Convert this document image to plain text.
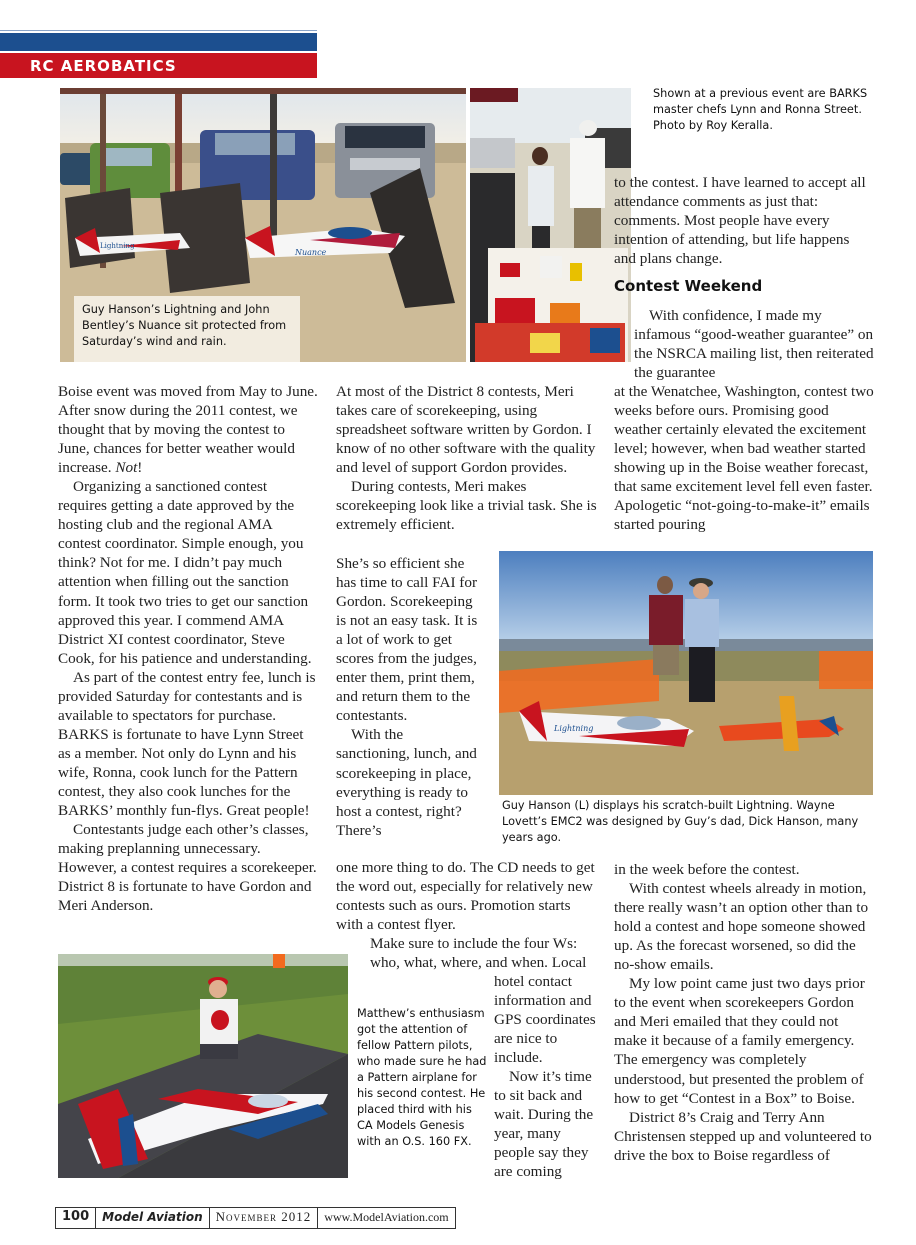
RC AEROBATICS
Lightning
Nuance
Guy Hanson’s Lightning and John Bentley’s Nuance sit protected from Saturday’s wind and rain.
Shown at a previous event are BARKS master chefs Lynn and Ronna Street. Photo by Roy Keralla.

to the contest. I have learned to accept all attendance comments as just that: comments. Most people have every intention of attending, but life happens and plans change.

Contest Weekend

With confidence, I made my infamous “good-weather guarantee” on the NSRCA mailing list, then reiterated the guarantee

at the Wenatchee, Washington, contest two weeks before ours. Promising good weather certainly elevated the excitement level; however, when bad weather started showing up in the Boise weather forecast, that same excitement level fell even faster. Apologetic “not-going-to-make-it” emails started pouring

Boise event was moved from May to June. After snow during the 2011 contest, we thought that by moving the contest to June, chances for better weather would increase. Not!

Organizing a sanctioned contest requires getting a date approved by the hosting club and the regional AMA contest coordinator. Simple enough, you think? Not for me. I didn’t pay much attention when filling out the sanction form. It took two tries to get our sanction approved this year. I commend AMA District XI contest coordinator, Steve Cook, for his patience and understanding.

As part of the contest entry fee, lunch is provided Saturday for contestants and is available to spectators for purchase. BARKS is fortunate to have Lynn Street as a member. Not only do Lynn and his wife, Ronna, cook lunch for the Pattern contest, they also cook lunches for the BARKS’ monthly fun-flys. Great people!

Contestants judge each other’s classes, making preplanning unnecessary. However, a contest requires a scorekeeper. District 8 is fortunate to have Gordon and Meri Anderson.

At most of the District 8 contests, Meri takes care of scorekeeping, using spreadsheet software written by Gordon. I know of no other software with the quality and level of support Gordon provides.

During contests, Meri makes scorekeeping look like a trivial task. She is extremely efficient.

She’s so efficient she has time to call FAI for Gordon. Scorekeeping is not an easy task. It is a lot of work to get scores from the judges, enter them, print them, and return them to the contestants.

With the sanctioning, lunch, and scorekeeping in place, everything is ready to host a contest, right? There’s

one more thing to do. The CD needs to get the word out, especially for relatively new contests such as ours. Promotion starts with a contest flyer.

Make sure to include the four Ws: who, what, where, and when. Local

hotel contact information and GPS coordinates are nice to include.

Now it’s time to sit back and wait. During the year, many people say they are coming

Lightning
Guy Hanson (L) displays his scratch-built Lightning. Wayne Lovett’s EMC2 was designed by Guy’s dad, Dick Hanson, many years ago.

in the week before the contest.

With contest wheels already in motion, there really wasn’t an option other than to hold a contest and hope someone showed up. As the forecast worsened, so did the no-show emails.

My low point came just two days prior to the event when scorekeepers Gordon and Meri emailed that they could not make it because of a family emergency. The emergency was completely understood, but presented the problem of how to get “Contest in a Box” to Boise.

District 8’s Craig and Terry Ann Christensen stepped up and volunteered to drive the box to Boise regardless of

Matthew’s enthusiasm got the attention of fellow Pattern pilots, who made sure he had a Pattern airplane for his second contest. He placed third with his CA Models Genesis with an O.S. 160 FX.
100	Model Aviation	November 2012	www.ModelAviation.com
